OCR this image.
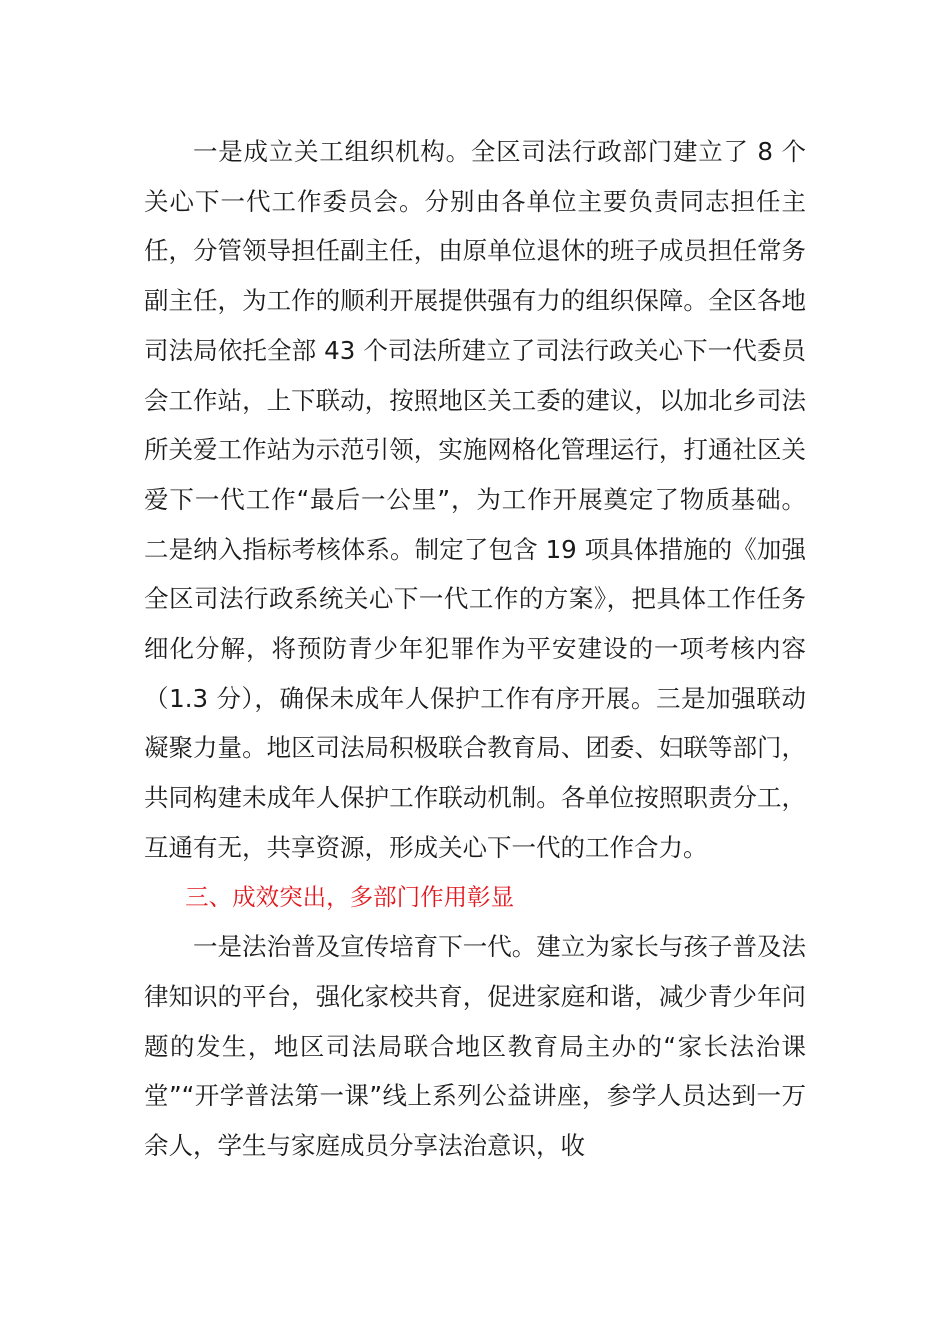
一是成立关工组织机构。全区司法行政部门建立了 8 个关心下一代工作委员会。分别由各单位主要负责同志担任主任，分管领导担任副主任，由原单位退休的班子成员担任常务副主任，为工作的顺利开展提供强有力的组织保障。全区各地司法局依托全部 43 个司法所建立了司法行政关心下一代委员会工作站，上下联动，按照地区关工委的建议，以加北乡司法所关爱工作站为示范引领，实施网格化管理运行，打通社区关爱下一代工作“最后一公里”，为工作开展奠定了物质基础。二是纳入指标考核体系。制定了包含 19 项具体措施的《加强全区司法行政系统关心下一代工作的方案》，把具体工作任务细化分解，将预防青少年犯罪作为平安建设的一项考核内容（1.3 分），确保未成年人保护工作有序开展。三是加强联动凝聚力量。地区司法局积极联合教育局、团委、妇联等部门，共同构建未成年人保护工作联动机制。各单位按照职责分工，互通有无，共享资源，形成关心下一代的工作合力。

三、成效突出，多部门作用彰显

一是法治普及宣传培育下一代。建立为家长与孩子普及法律知识的平台，强化家校共育，促进家庭和谐，减少青少年问题的发生，地区司法局联合地区教育局主办的“家长法治课堂”“开学普法第一课”线上系列公益讲座，参学人员达到一万余人，学生与家庭成员分享法治意识，收
